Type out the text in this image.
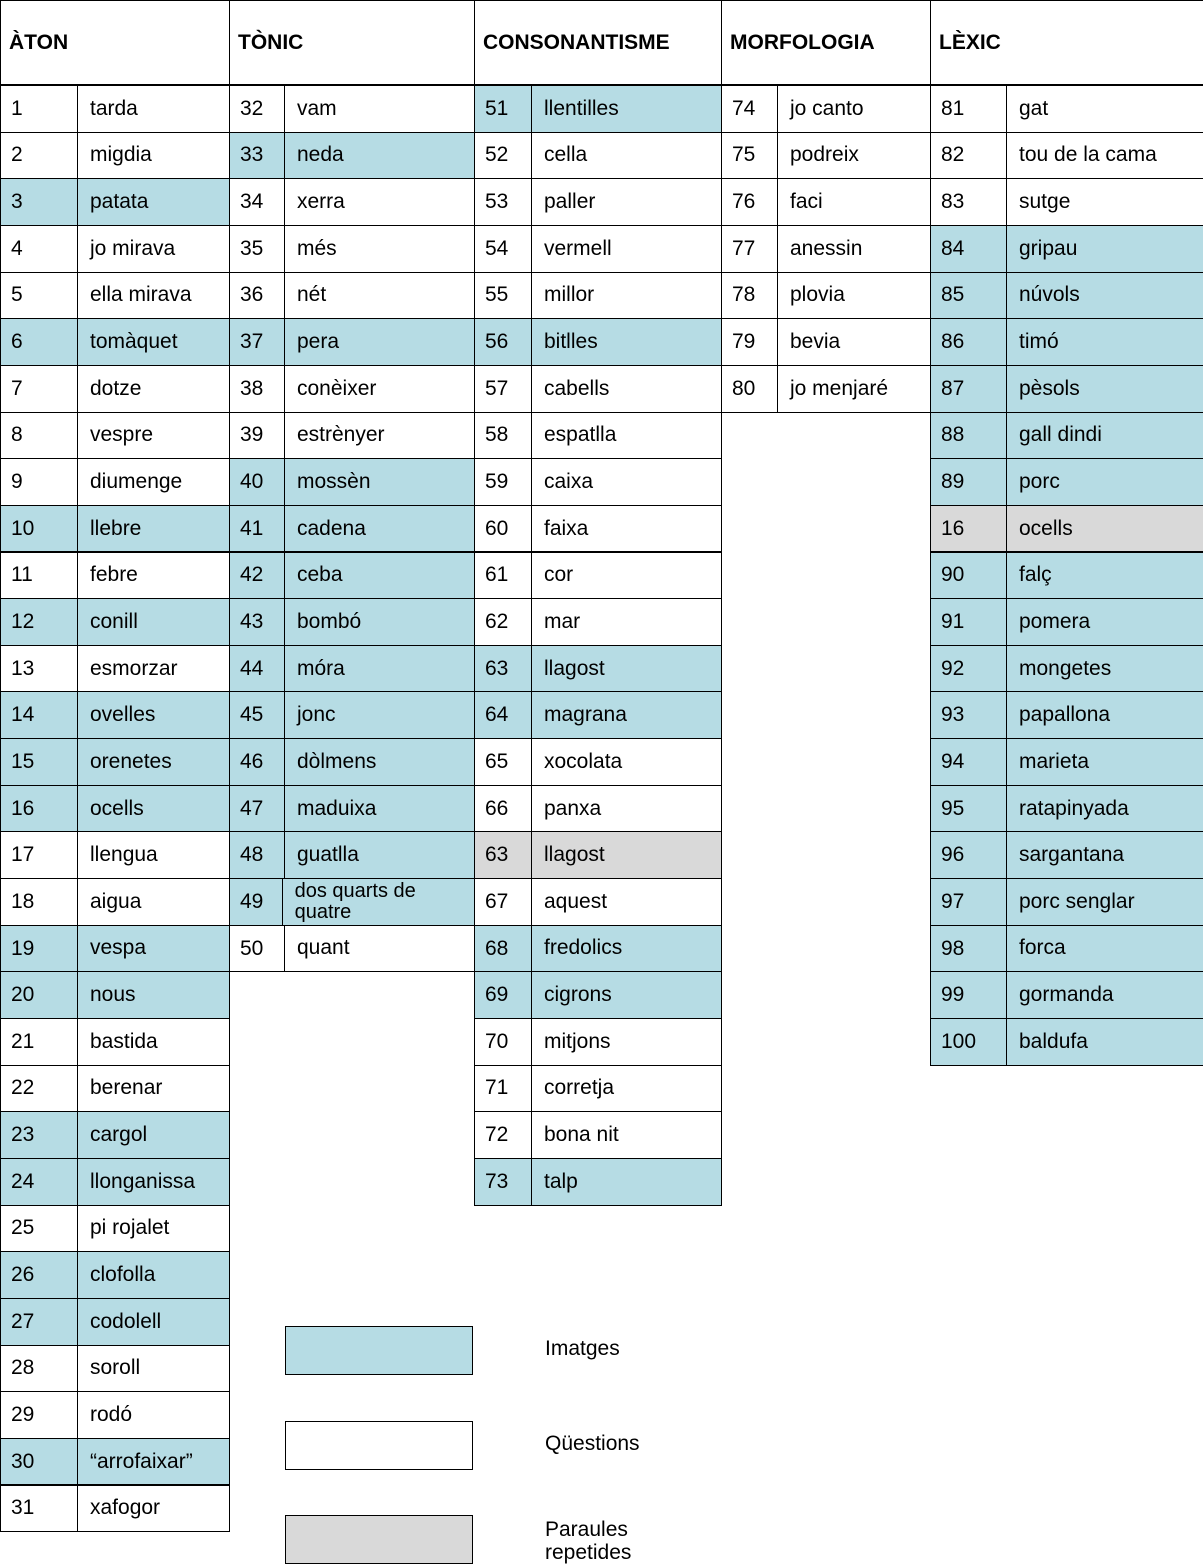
ÀTON
1	tarda
2	migdia
3	patata
4	jo mirava
5	ella mirava
6	tomàquet
7	dotze
8	vespre
9	diumenge
10	llebre
11	febre
12	conill
13	esmorzar
14	ovelles
15	orenetes
16	ocells
17	llengua
18	aigua
19	vespa
20	nous
21	bastida
22	berenar
23	cargol
24	llonganissa
25	pi rojalet
26	clofolla
27	codolell
28	soroll
29	rodó
30	“arrofaixar”
31	xafogor
TÒNIC
32	vam
33	neda
34	xerra
35	més
36	nét
37	pera
38	conèixer
39	estrènyer
40	mossèn
41	cadena
42	ceba
43	bombó
44	móra
45	jonc
46	dòlmens
47	maduixa
48	guatlla
49	dos quarts de quatre
50	quant
CONSONANTISME
51	llentilles
52	cella
53	paller
54	vermell
55	millor
56	bitlles
57	cabells
58	espatlla
59	caixa
60	faixa
61	cor
62	mar
63	llagost
64	magrana
65	xocolata
66	panxa
63	llagost
67	aquest
68	fredolics
69	cigrons
70	mitjons
71	corretja
72	bona nit
73	talp
MORFOLOGIA
74	jo canto
75	podreix
76	faci
77	anessin
78	plovia
79	bevia
80	jo menjaré
LÈXIC
81	gat
82	tou de la cama
83	sutge
84	gripau
85	núvols
86	timó
87	pèsols
88	gall dindi
89	porc
16	ocells
90	falç
91	pomera
92	mongetes
93	papallona
94	marieta
95	ratapinyada
96	sargantana
97	porc senglar
98	forca
99	gormanda
100	baldufa
Imatges
Qüestions
Paraules repetides
